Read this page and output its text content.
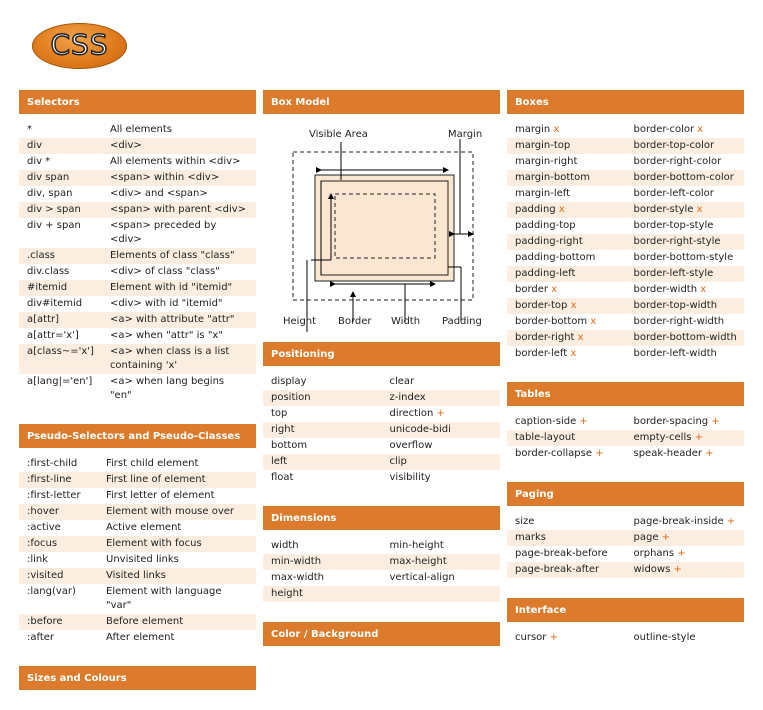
CSS
Selectors
*	All elements
div	<div>
div *	All elements within <div>
div span	<span> within <div>
div, span	<div> and <span>
div > span	<span> with parent <div>
div + span	<span> preceded by <div>
.class	Elements of class "class"
div.class	<div> of class "class"
#itemid	Element with id "itemid"
div#itemid	<div> with id "itemid"
a[attr]	<a> with attribute "attr"
a[attr='x']	<a> when "attr" is "x"
a[class~='x']	<a> when class is a list containing 'x'
a[lang|='en']	<a> when lang begins "en"
Pseudo-Selectors and Pseudo-Classes
:first-child	First child element
:first-line	First line of element
:first-letter	First letter of element
:hover	Element with mouse over
:active	Active element
:focus	Element with focus
:link	Unvisited links
:visited	Visited links
:lang(var)	Element with language "var"
:before	Before element
:after	After element
Sizes and Colours
Box Model
Visible Area	Margin
Height Border Width Padding
Positioning
display	clear
position	z-index
top	direction +
right	unicode-bidi
bottom	overflow
left	clip
float	visibility
Dimensions
width	min-height
min-width	max-height
max-width	vertical-align
height	
Color / Background
Boxes
margin x	border-color x
margin-top	border-top-color
margin-right	border-right-color
margin-bottom	border-bottom-color
margin-left	border-left-color
padding x	border-style x
padding-top	border-top-style
padding-right	border-right-style
padding-bottom	border-bottom-style
padding-left	border-left-style
border x	border-width x
border-top x	border-top-width
border-bottom x	border-right-width
border-right x	border-bottom-width
border-left x	border-left-width
Tables
caption-side +	border-spacing +
table-layout	empty-cells +
border-collapse +	speak-header +
Paging
size	page-break-inside +
marks	page +
page-break-before	orphans +
page-break-after	widows +
Interface
cursor +	outline-style
